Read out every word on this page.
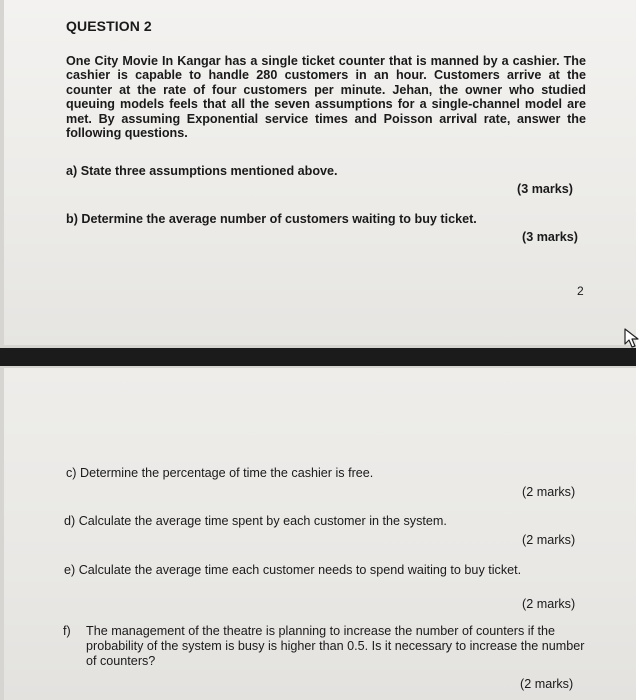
QUESTION 2
One City Movie In Kangar has a single ticket counter that is manned by a cashier. The cashier is capable to handle 280 customers in an hour. Customers arrive at the counter at the rate of four customers per minute. Jehan, the owner who studied queuing models feels that all the seven assumptions for a single-channel model are met. By assuming Exponential service times and Poisson arrival rate, answer the following questions.
a) State three assumptions mentioned above.
(3 marks)
b) Determine the average number of customers waiting to buy ticket.
(3 marks)
2
c) Determine the percentage of time the cashier is free.
(2 marks)
d) Calculate the average time spent by each customer in the system.
(2 marks)
e) Calculate the average time each customer needs to spend waiting to buy ticket.
(2 marks)
f)	The management of the theatre is planning to increase the number of counters if the probability of the system is busy is higher than 0.5. Is it necessary to increase the number of counters?
(2 marks)
